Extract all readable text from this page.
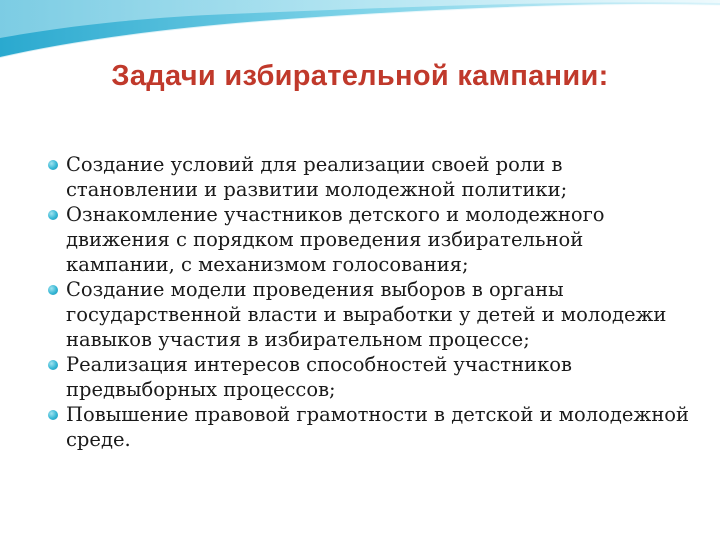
Задачи избирательной кампании:
Создание условий для реализации своей роли в становлении и развитии молодежной политики;
Ознакомление участников детского и молодежного движения с порядком проведения избирательной кампании, с механизмом голосования;
Создание модели проведения выборов в органы государственной власти и выработки у детей и молодежи навыков участия в избирательном процессе;
Реализация интересов способностей участников предвыборных процессов;
Повышение правовой грамотности в детской и молодежной среде.
